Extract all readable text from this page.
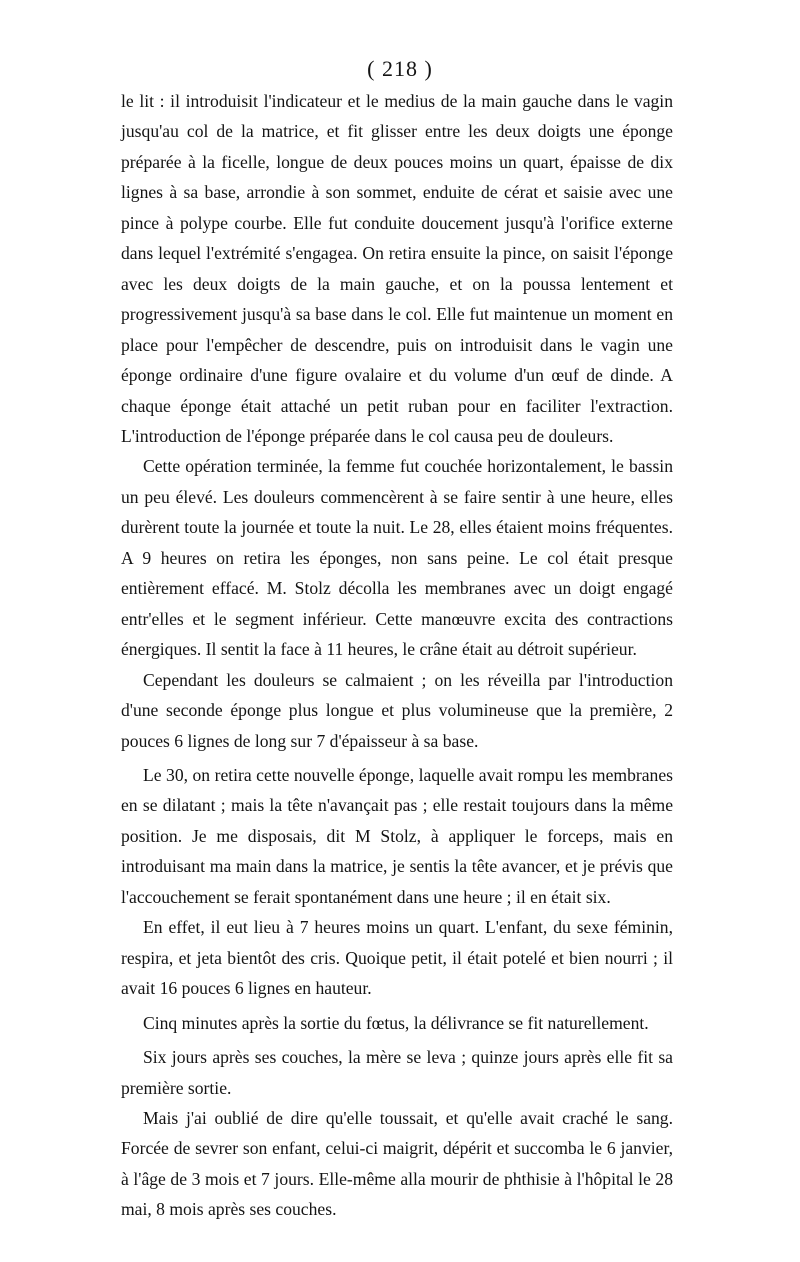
( 218 )

le lit : il introduisit l'indicateur et le medius de la main gauche dans le vagin jusqu'au col de la matrice, et fit glisser entre les deux doigts une éponge préparée à la ficelle, longue de deux pouces moins un quart, épaisse de dix lignes à sa base, arrondie à son sommet, enduite de cérat et saisie avec une pince à polype courbe. Elle fut conduite doucement jusqu'à l'orifice externe dans lequel l'extrémité s'engagea. On retira ensuite la pince, on saisit l'éponge avec les deux doigts de la main gauche, et on la poussa lentement et progressivement jusqu'à sa base dans le col. Elle fut maintenue un moment en place pour l'empêcher de descendre, puis on introduisit dans le vagin une éponge ordinaire d'une figure ovalaire et du volume d'un œuf de dinde. A chaque éponge était attaché un petit ruban pour en faciliter l'extraction. L'introduction de l'éponge préparée dans le col causa peu de douleurs.

Cette opération terminée, la femme fut couchée horizontalement, le bassin un peu élevé. Les douleurs commencèrent à se faire sentir à une heure, elles durèrent toute la journée et toute la nuit. Le 28, elles étaient moins fréquentes. A 9 heures on retira les éponges, non sans peine. Le col était presque entièrement effacé. M. Stolz décolla les membranes avec un doigt engagé entr'elles et le segment inférieur. Cette manœuvre excita des contractions énergiques. Il sentit la face à 11 heures, le crâne était au détroit supérieur.

Cependant les douleurs se calmaient ; on les réveilla par l'introduction d'une seconde éponge plus longue et plus volumineuse que la première, 2 pouces 6 lignes de long sur 7 d'épaisseur à sa base.

Le 30, on retira cette nouvelle éponge, laquelle avait rompu les membranes en se dilatant ; mais la tête n'avançait pas ; elle restait toujours dans la même position. Je me disposais, dit M Stolz, à appliquer le forceps, mais en introduisant ma main dans la matrice, je sentis la tête avancer, et je prévis que l'accouchement se ferait spontanément dans une heure ; il en était six.

En effet, il eut lieu à 7 heures moins un quart. L'enfant, du sexe féminin, respira, et jeta bientôt des cris. Quoique petit, il était potelé et bien nourri ; il avait 16 pouces 6 lignes en hauteur.

Cinq minutes après la sortie du fœtus, la délivrance se fit naturellement.

Six jours après ses couches, la mère se leva ; quinze jours après elle fit sa première sortie.

Mais j'ai oublié de dire qu'elle toussait, et qu'elle avait craché le sang. Forcée de sevrer son enfant, celui-ci maigrit, dépérit et succomba le 6 janvier, à l'âge de 3 mois et 7 jours. Elle-même alla mourir de phthisie à l'hôpital le 28 mai, 8 mois après ses couches.
